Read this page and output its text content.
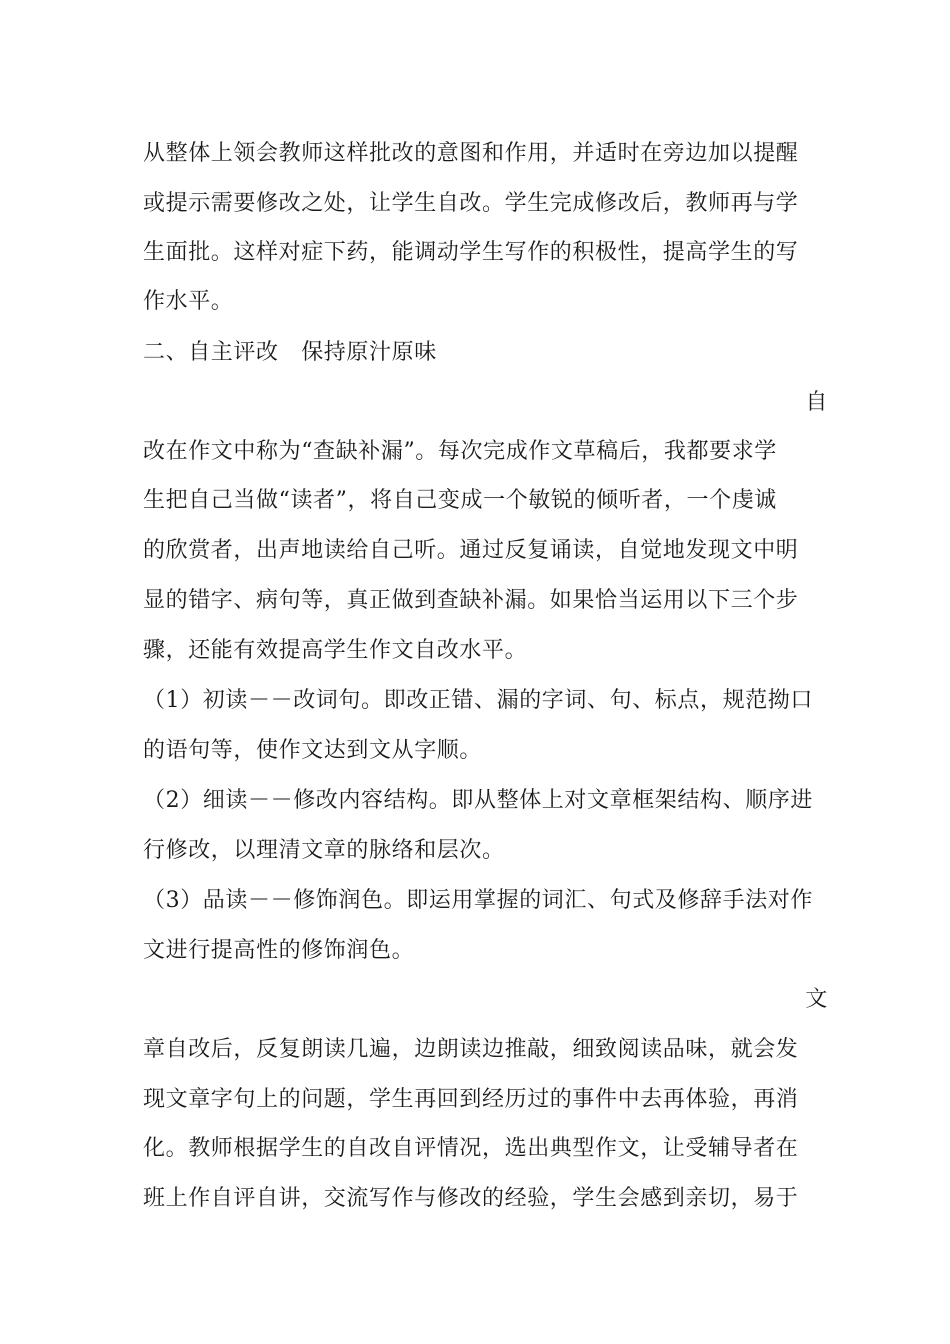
从整体上领会教师这样批改的意图和作用，并适时在旁边加以提醒
或提示需要修改之处，让学生自改。学生完成修改后，教师再与学
生面批。这样对症下药，能调动学生写作的积极性，提高学生的写
作水平。
二、自主评改　保持原汁原味
自
改在作文中称为“查缺补漏”。每次完成作文草稿后，我都要求学
生把自己当做“读者”，将自己变成一个敏锐的倾听者，一个虔诚
的欣赏者，出声地读给自己听。通过反复诵读，自觉地发现文中明
显的错字、病句等，真正做到查缺补漏。如果恰当运用以下三个步
骤，还能有效提高学生作文自改水平。
（1）初读－－改词句。即改正错、漏的字词、句、标点，规范拗口
的语句等，使作文达到文从字顺。
（2）细读－－修改内容结构。即从整体上对文章框架结构、顺序进
行修改，以理清文章的脉络和层次。
（3）品读－－修饰润色。即运用掌握的词汇、句式及修辞手法对作
文进行提高性的修饰润色。
文
章自改后，反复朗读几遍，边朗读边推敲，细致阅读品味，就会发
现文章字句上的问题，学生再回到经历过的事件中去再体验，再消
化。教师根据学生的自改自评情况，选出典型作文，让受辅导者在
班上作自评自讲，交流写作与修改的经验，学生会感到亲切，易于
